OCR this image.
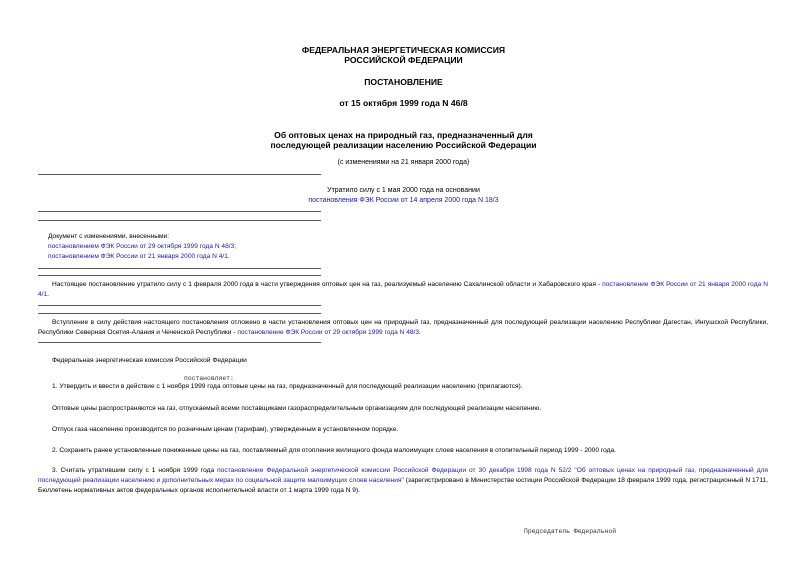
ФЕДЕРАЛЬНАЯ ЭНЕРГЕТИЧЕСКАЯ КОМИССИЯ
РОССИЙСКОЙ ФЕДЕРАЦИИ
ПОСТАНОВЛЕНИЕ
от 15 октября 1999 года N 46/8
Об оптовых ценах на природный газ, предназначенный для
последующей реализации населению Российской Федерации
(с изменениями на 21 января 2000 года)
Утратило силу с 1 мая 2000 года на основании
постановления ФЭК России от 14 апреля 2000 года N 18/3
Документ с изменениями, внесенными:
постановлением ФЭК России от 29 октября 1999 года N 48/3;
постановлением ФЭК России от 21 января 2000 года N 4/1.
Настоящее постановление утратило силу с 1 февраля 2000 года в части утверждения оптовых цен на газ, реализуемый населению Сахалинской области и Хабаровского края - постановление ФЭК России от 21 января 2000 года N 4/1.
Вступление в силу действия настоящего постановления отложено в части установления оптовых цен на природный газ, предназначенный для последующей реализации населению Республики Дагестан, Ингушской Республики, Республики Северная Осетия-Алания и Чеченской Республики - постановление ФЭК России от 29 октября 1999 года N 48/3.
Федеральная энергетическая комиссия Российской Федерации
постановляет:
1. Утвердить и ввести в действие с 1 ноября 1999 года оптовые цены на газ, предназначенный для последующей реализации населению (прилагаются).
Оптовые цены распространяются на газ, отпускаемый всеми поставщиками газораспределительным организациям для последующей реализации населению.
Отпуск газа населению производится по розничным ценам (тарифам), утвержденным в установленном порядке.
2. Сохранить ранее установленные пониженные цены на газ, поставляемый для отопления жилищного фонда малоимущих слоев населения в отопительный период 1999 - 2000 года.
3. Считать утратившим силу с 1 ноября 1999 года постановление Федеральной энергетической комиссии Российской Федерации от 30 декабря 1998 года N 52/2 "Об оптовых ценах на природный газ, предназначенный для последующей реализации населению и дополнительных мерах по социальной защите малоимущих слоев населения" (зарегистрировано в Министерстве юстиции Российской Федерации 18 февраля 1999 года, регистрационный N 1711, Бюллетень нормативных актов федеральных органов исполнительной власти от 1 марта 1999 года N 9).
Председатель Федеральной
